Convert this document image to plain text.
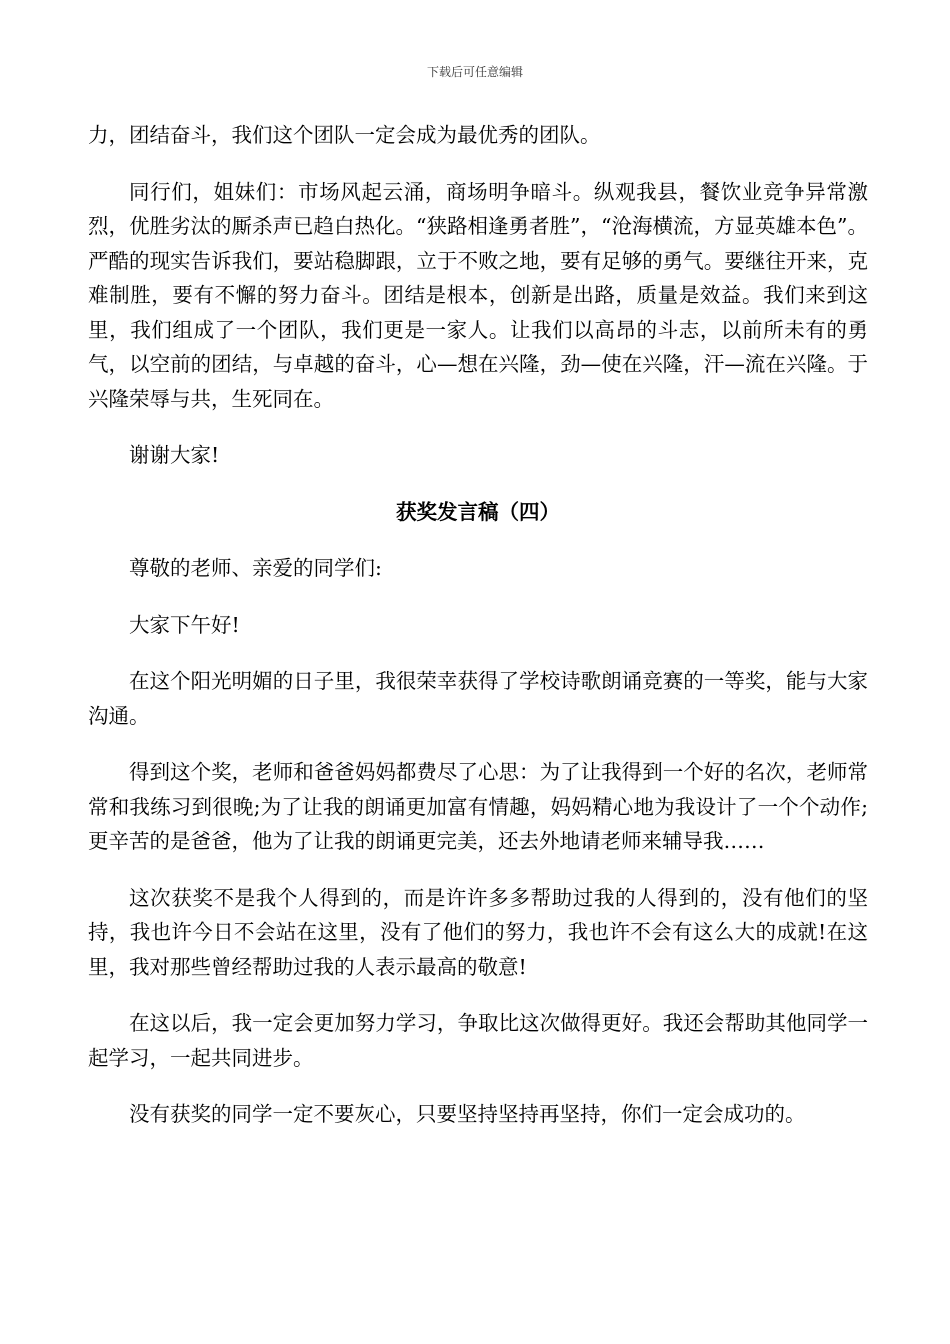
下载后可任意编辑

力，团结奋斗，我们这个团队一定会成为最优秀的团队。

同行们，姐妹们：市场风起云涌，商场明争暗斗。纵观我县，餐饮业竞争异常激烈，优胜劣汰的厮杀声已趋白热化。“狭路相逢勇者胜”，“沧海横流，方显英雄本色”。严酷的现实告诉我们，要站稳脚跟，立于不败之地，要有足够的勇气。要继往开来，克难制胜，要有不懈的努力奋斗。团结是根本，创新是出路，质量是效益。我们来到这里，我们组成了一个团队，我们更是一家人。让我们以高昂的斗志，以前所未有的勇气，以空前的团结，与卓越的奋斗，心—想在兴隆，劲—使在兴隆，汗—流在兴隆。于兴隆荣辱与共，生死同在。

谢谢大家!

获奖发言稿（四）

尊敬的老师、亲爱的同学们:

大家下午好!

在这个阳光明媚的日子里，我很荣幸获得了学校诗歌朗诵竞赛的一等奖，能与大家沟通。

得到这个奖，老师和爸爸妈妈都费尽了心思：为了让我得到一个好的名次，老师常常和我练习到很晚;为了让我的朗诵更加富有情趣，妈妈精心地为我设计了一个个动作;更辛苦的是爸爸，他为了让我的朗诵更完美，还去外地请老师来辅导我……

这次获奖不是我个人得到的，而是许许多多帮助过我的人得到的，没有他们的坚持，我也许今日不会站在这里，没有了他们的努力，我也许不会有这么大的成就!在这里，我对那些曾经帮助过我的人表示最高的敬意!

在这以后，我一定会更加努力学习，争取比这次做得更好。我还会帮助其他同学一起学习，一起共同进步。

没有获奖的同学一定不要灰心，只要坚持坚持再坚持，你们一定会成功的。
